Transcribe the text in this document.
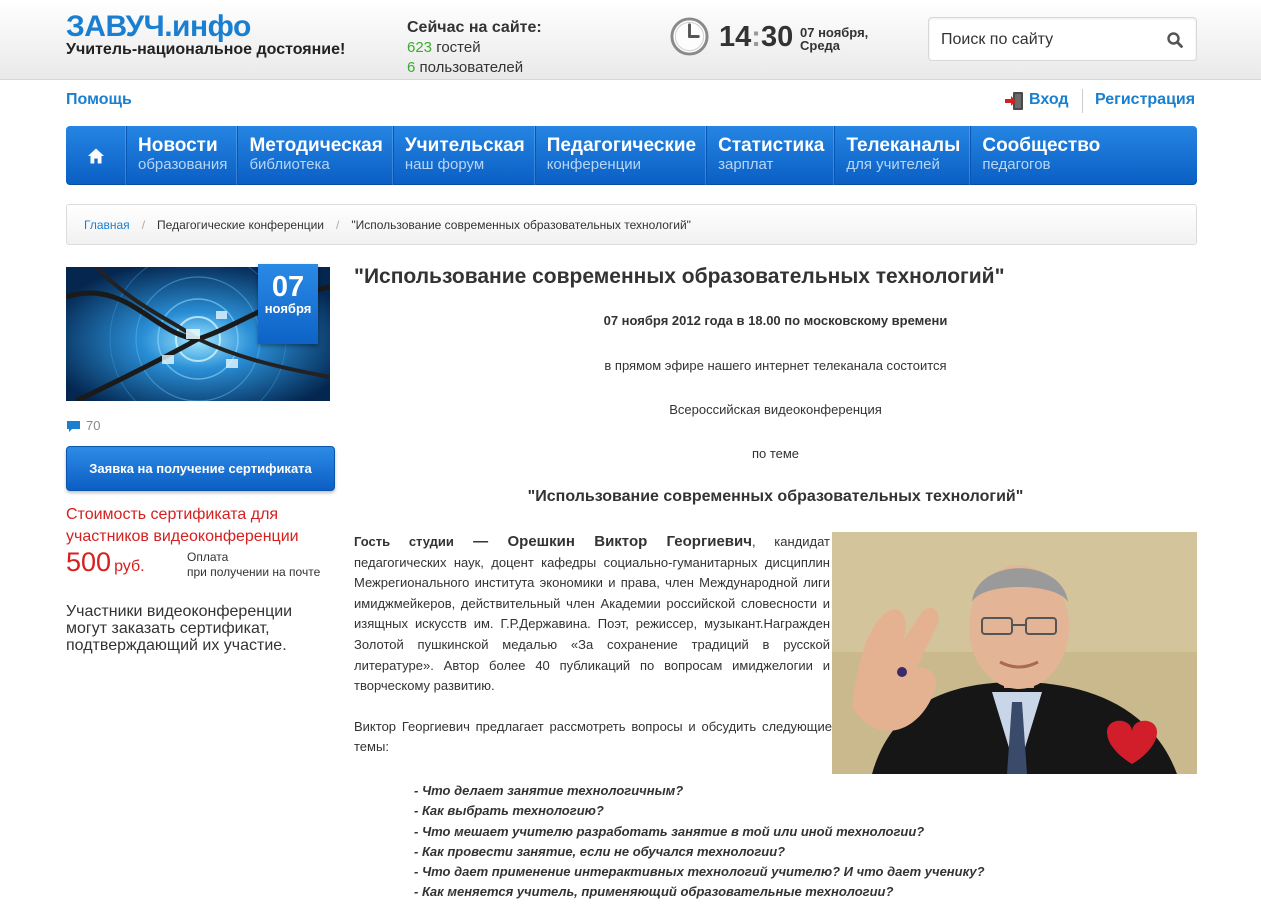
ЗАВУЧ.инфо
Учитель-национальное достояние!
Сейчас на сайте:
623 гостей
6 пользователей
14:30 07 ноября,
Среда
Поиск по сайту
Помощь	Вход Регистрация
Новости
образования
Методическая
библиотека
Учительская
наш форум
Педагогические
конференции
Статистика
зарплат
Телеканалы
для учителей
Сообщество
педагогов
Главная / Педагогические конференции / "Использование современных образовательных технологий"
07
ноября
70
Заявка на получение сертификата
Стоимость сертификата для участников видеоконференции
500 руб.
Оплата
при получении на почте
Участники видеоконференции могут заказать сертификат, подтверждающий их участие.
"Использование современных образовательных технологий"
07 ноября 2012 года в 18.00 по московскому времени
в прямом эфире нашего интернет телеканала состоится
Всероссийская видеоконференция
по теме
"Использование современных образовательных технологий"
Гость студии — Орешкин Виктор Георгиевич, кандидат педагогических наук, доцент кафедры социально-гуманитарных дисциплин Межрегионального института экономики и права, член Международной лиги имиджмейкеров, действительный член Академии российской словесности и изящных искусств им. Г.Р.Державина. Поэт, режиссер, музыкант.Награжден Золотой пушкинской медалью «За сохранение традиций в русской литературе». Автор более 40 публикаций по вопросам имиджелогии и творческому развитию.
Виктор Георгиевич предлагает рассмотреть вопросы и обсудить следующие темы:
- Что делает занятие технологичным?
- Как выбрать технологию?
- Что мешает учителю разработать занятие в той или иной технологии?
- Как провести занятие, если не обучался технологии?
- Что дает применение интерактивных технологий учителю? И что дает ученику?
- Как меняется учитель, применяющий образовательные технологии?
